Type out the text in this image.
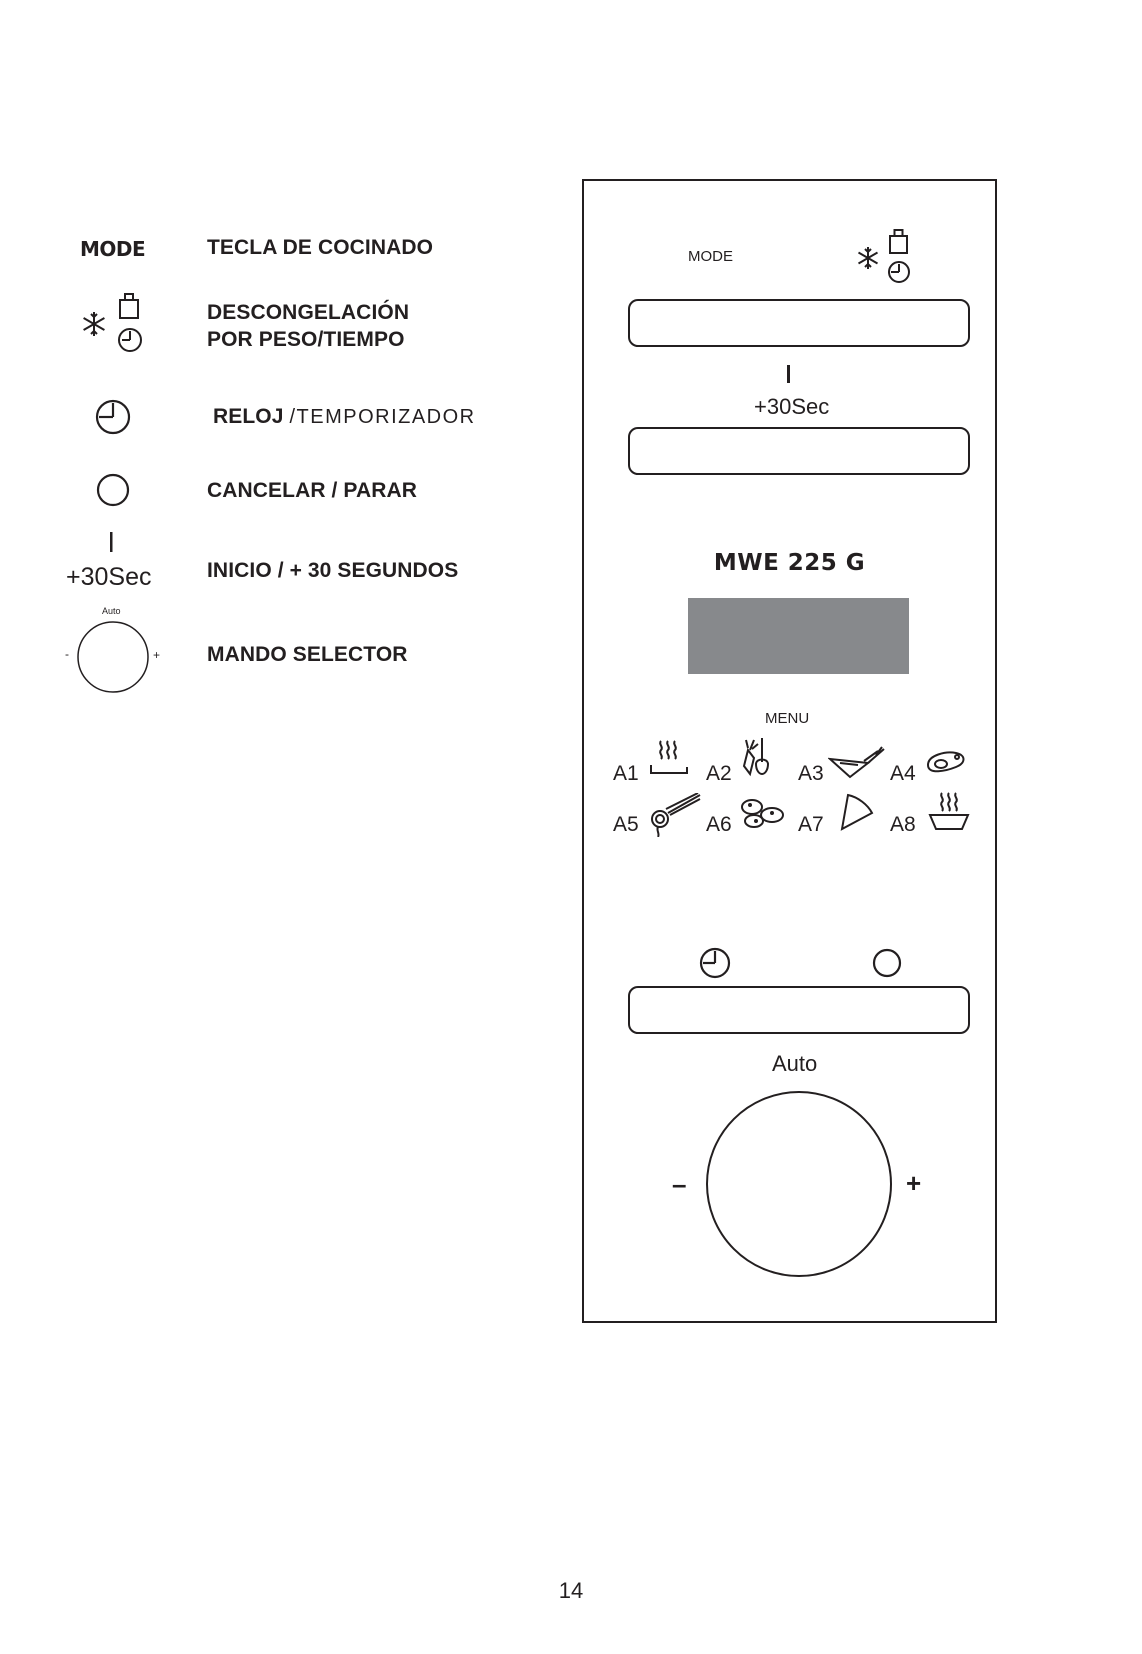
MODE	TECLA DE COCINADO
DESCONGELACIÓN
POR PESO/TIEMPO
RELOJ /TEMPORIZADOR
CANCELAR / PARAR
+30Sec	INICIO / + 30 SEGUNDOS
Auto
-	+ MANDO SELECTOR
MODE
+30Sec
MWE 225 G
MENU
A1	A2	A3	A4
A5	A6	A7	A8
Auto
–	+
14
